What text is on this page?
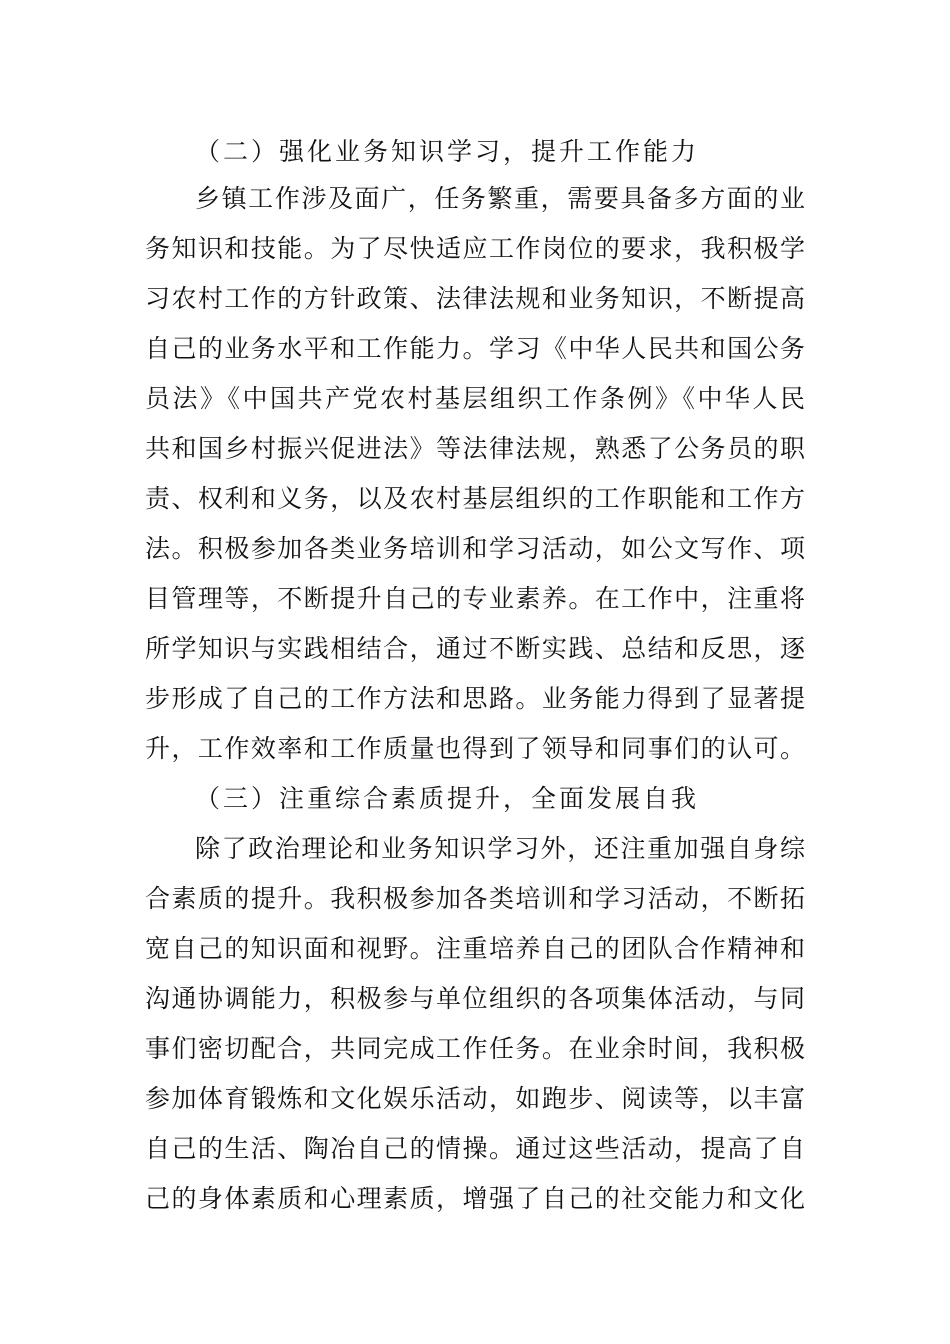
（二）强化业务知识学习，提升工作能力
乡镇工作涉及面广，任务繁重，需要具备多方面的业
务知识和技能。为了尽快适应工作岗位的要求，我积极学
习农村工作的方针政策、法律法规和业务知识，不断提高
自己的业务水平和工作能力。学习《中华人民共和国公务
员法》《中国共产党农村基层组织工作条例》《中华人民
共和国乡村振兴促进法》等法律法规，熟悉了公务员的职
责、权利和义务，以及农村基层组织的工作职能和工作方
法。积极参加各类业务培训和学习活动，如公文写作、项
目管理等，不断提升自己的专业素养。在工作中，注重将
所学知识与实践相结合，通过不断实践、总结和反思，逐
步形成了自己的工作方法和思路。业务能力得到了显著提
升，工作效率和工作质量也得到了领导和同事们的认可。
（三）注重综合素质提升，全面发展自我
除了政治理论和业务知识学习外，还注重加强自身综
合素质的提升。我积极参加各类培训和学习活动，不断拓
宽自己的知识面和视野。注重培养自己的团队合作精神和
沟通协调能力，积极参与单位组织的各项集体活动，与同
事们密切配合，共同完成工作任务。在业余时间，我积极
参加体育锻炼和文化娱乐活动，如跑步、阅读等，以丰富
自己的生活、陶冶自己的情操。通过这些活动，提高了自
己的身体素质和心理素质，增强了自己的社交能力和文化
